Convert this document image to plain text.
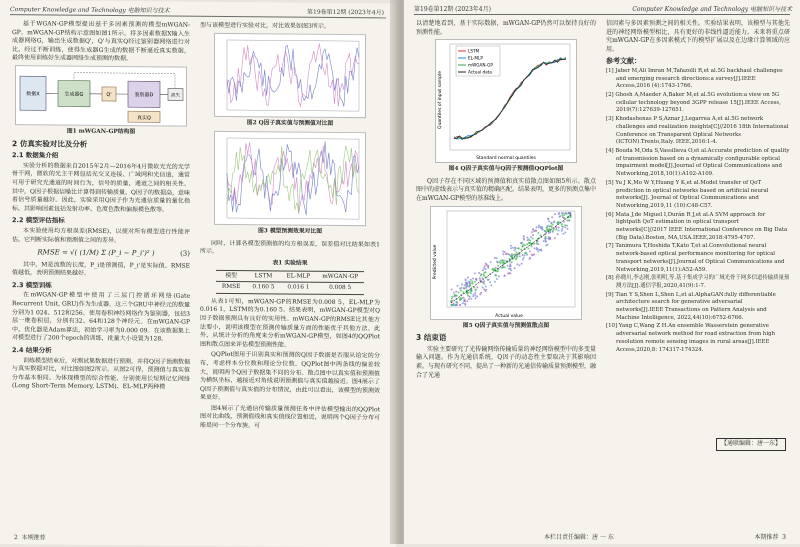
Computer Knowledge and Technology 电脑知识与技术	第19卷第12期 (2023年4月)

基于WGAN-GP模型提出基于多因素预测的模型mWGAN-GP。mWGAN-GP结构示意图如图1所示，将多因素数据X输入生成器网络G，输出生成数据Q'，Q'与真实Q经过鉴别器网络进行对比，经过不断训练，使得生成器G生成的数据不断逼近真实数据，最终使用训练好生成器网络生成预测的数据。

数据X	生成器G	Q'	鉴别器D
真实Q
损失
图1 mWGAN-GP结构图
2 仿真实验对比及分析
2.1 数据集介绍

实验分析的数据来自2015年2月—2016年4月微软光光的光学骨干网，微软的光主干网包括光交叉连接、广域网和光信道，通常可用于研究光通道的时间行为，信号的质量，通道之间的相关性。其中，Q因子根据信噪比计算得到传输质量。Q因子的数据高，意味着信号质量越好。因此，实验采用Q因子作为光通信质量的量化指标，其影响因素包括发射功率、色度色散和偏振模色散等。

2.2 模型评估指标

本实验使用均方根误差(RMSE)，以便对所有模型进行性能评估，它判断实际值和预测值之间的差异。

RMSE = √( (1/M) Σ (P_i − P_i')² )	(3)

其中，M是流数的长度，P_i是预测值，P_i'是实际值。RMSE值越低，表明预测结果越好。

2.3 模型训练

在mWGAN-GP模型中使用了三层门控循环网络(Gate Recurrent Unit, GRU)作为生成器。这三个GRU中神经元的数量分别为1 024、512和256。使用卷积神经网络作为鉴别器，包括3层一维卷积层，分别有32、64和128个神经元。在mWGAN-GP中，优化器是Adam算法，初始学习率为0.000 09。在该数据集上对模型进行了200个epoch的训练，批量大小设置为128。

2.4 结果分析

训练模型结束后，对测试集数据进行预测，并将Q因子预测数据与真实数据对比，对比图如图2所示。从图2可得，预测值与真实值分布基本相同。为体现模型的综合性能，分别使用长短期记忆网络(Long Short-Term Memory, LSTM)、EL-MLP两种模

型与该模型进行实验对比，对比效果如图3所示。

图2 Q因子真实值与预测值对比图
图3 模型预测效果对比图

同时，计算各模型预测值的均方根误差，误差值对比结果如表1所示。

表1 实验结果
模型	LSTM	EL-MLP	mWGAN-GP
RMSE	0.160 5	0.016 1	0.008 5

从表1可知，mWGAN-GP的RMSE为0.008 5，EL-MLP为0.016 1，LSTM的为0.160 5。结果表明，mWGAN-GP模型对Q因子数据预测具有良好的实用性。mWGAN-GP的RMSE比其他方法要小，说明该模型在预测传输质量方面的性能优于其他方法。此外，从统计分析的角度来分析mWGAN-GP模型，如图4的QQPlot图和散点图来评估模型预测性能。

QQPlot图用于识别真实和预测的Q因子数据是否服从给定的分布，考虑样本分位数和理论分位数。QQPlot图中两条线的偏差较大，说明两个Q因子数据集不同的分布。散点图中以真实值和预测值为横纵坐标，越接近对角线说明预测值与真实值越接近。图4展示了Q因子预测值与真实值的分布情况，由此可以看出，该模型的预测效果更好。

图4展示了光通信传输质量预测任务中评估模型输出的QQPlot图对比曲线，预测值线和真实值线位置相近，说明两个Q因子分布可能是同一个分布族。可

2 本期推荐
第19卷第12期 (2023年4月)	Computer Knowledge and Technology 电脑知识与技术

以清楚地看到，基于实际数据，mWGAN-GP仍然可以保持良好的预测性能。

Standard normal quantiles
Quantiles of input sample
LSTM
EL-MLP
mWGAN-GP
Actual data
图4 Q因子真实值与Q因子预测值QQPlot图

Q因子存在不同区域的预测值和真实值散点图如图5所示。散点图中的虚线表示与真实值的精确匹配。结果表明，更多的预测点集中在mWGAN-GP模型的基准线上。

Actual value
Predicted value
图5 Q因子真实值与预测值散点图
3 结束语

实验主要研究了光传输网络传输质量的神经网络模型中的多变量输入问题。作为光通信系统，Q因子的动态性主要取决于其影响因素。与现有研究不同，提出了一种新的光通信传输质量预测模型，融合了光通

信因素与多因素预测之间的相关性。实验结果表明，该模型与其他先进的神经网络模型相比，具有更好的非线性逼近能力。未来将重点研究mWGAN-GP在多因素模式下的模型扩展以及在边缘计算领域的应用。

参考文献：
[1] Jaber M,Ali Imran M,Tafazolli R,et al.5G backhaul challenges and emerging research directions:a survey[J].IEEE Access,2016 (4):1743-1766.
[2] Ghosh A,Maeder A,Baker M,et al.5G evolution:a view on 5G cellular technology beyond 3GPP release 15[J].IEEE Access, 2019(7):127639-127651.
[3] Khodashenas P S,Aznar J,Legarrea A,et al.5G network challenges and realization insights[C]//2016 18th International Conference on Transparent Optical Networks (ICTON).Trento,Italy. IEEE,2016:1-4.
[4] Bouda M,Oda S,Vassilieva O,et al.Accurate prediction of quality of transmission based on a dynamically configurable optical impairment model[J].Journal of Optical Communications and Networking,2018,10(1):A102-A109.
[5] Yu J K,Mo W Y,Huang Y K,et al.Model transfer of QoT prediction in optical networks based on artificial neural networks[J]. Journal of Optical Communications and Networking,2019,11 (10):C48-C57.
[6] Mata J,de Miguel I,Durán R J,et al.A SVM approach for lightpath QoT estimation in optical transport networks[C]//2017 IEEE International Conference on Big Data (Big Data).Boston, MA,USA.IEEE,2018:4795-4797.
[7] Tanimura T,Hoshida T,Kato T,et al.Convolutional neural network-based optical performance monitoring for optical transport networks[J].Journal of Optical Communications and Networking,2019,11(1):A52-A59.
[8] 孙晓川,李志刚,张明明,等.基于集成学习的广域光骨干网多信道传输质量预测方法[J].通信学报,2020,41(9):1-7.
[9] Tian Y S,Shen L,Shen L,et al.AlphaGAN:fully differentiable architecture search for generative adversarial networks[J].IEEE Transactions on Pattern Analysis and Machine Intelligence, 2022,44(10):6752-6766.
[10] Yang C,Wang Z H.An ensemble Wasserstein generative adversarial network method for road extraction from high resolution remote sensing images in rural areas[J].IEEE Access,2020,8: 174317-174324.
【通联编辑：唐一东】
本栏目责任编辑：唐 一 东	本期推荐 3
